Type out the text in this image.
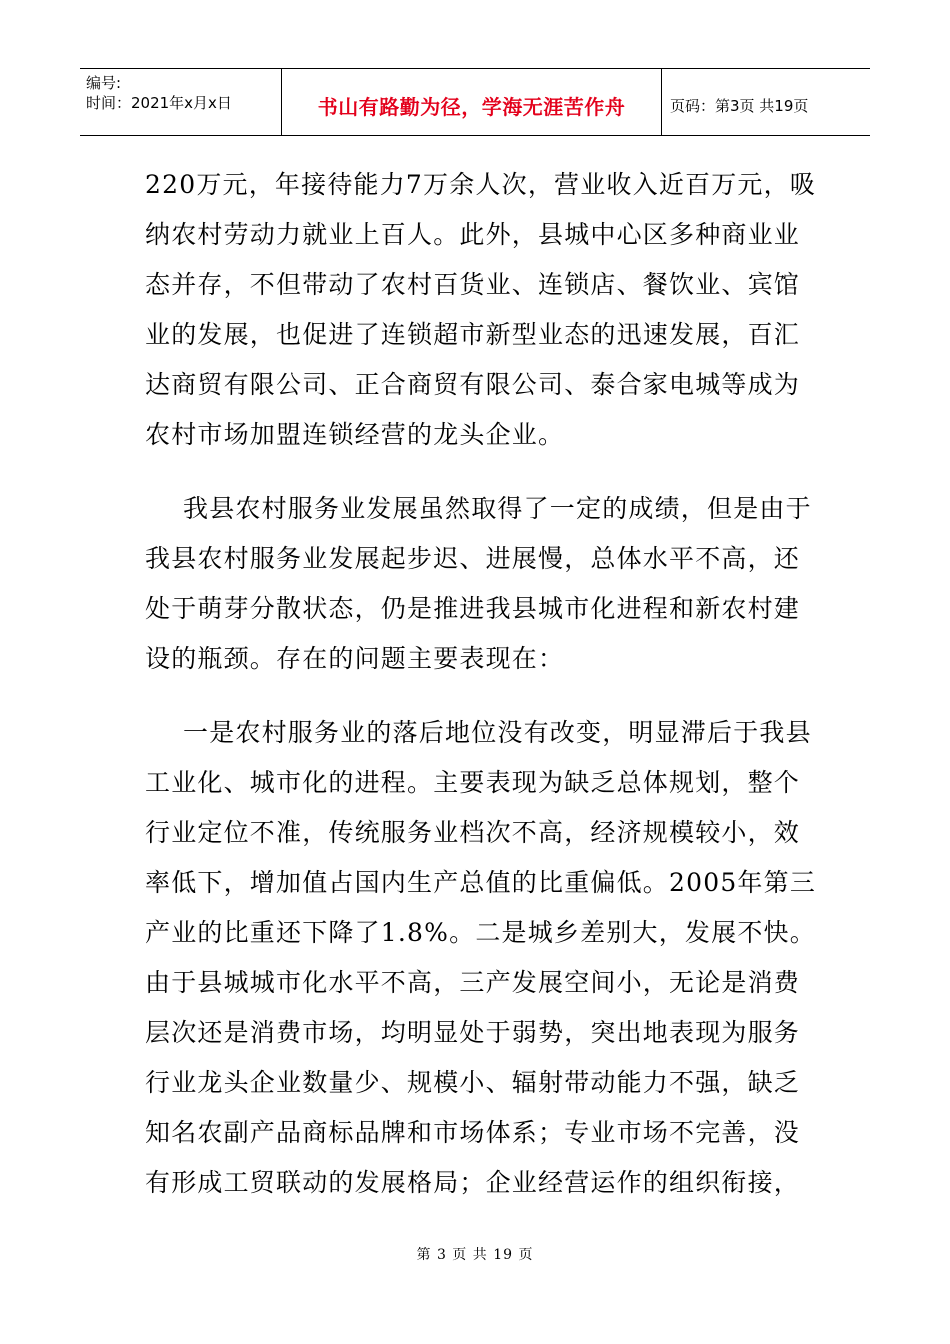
编号:
时间：2021年x月x日	书山有路勤为径，学海无涯苦作舟	页码：第3页 共19页

220万元，年接待能力7万余人次，营业收入近百万元，吸
纳农村劳动力就业上百人。此外，县城中心区多种商业业
态并存，不但带动了农村百货业、连锁店、餐饮业、宾馆
业的发展，也促进了连锁超市新型业态的迅速发展，百汇
达商贸有限公司、正合商贸有限公司、泰合家电城等成为
农村市场加盟连锁经营的龙头企业。

我县农村服务业发展虽然取得了一定的成绩，但是由于
我县农村服务业发展起步迟、进展慢，总体水平不高，还
处于萌芽分散状态，仍是推进我县城市化进程和新农村建
设的瓶颈。存在的问题主要表现在：

一是农村服务业的落后地位没有改变，明显滞后于我县
工业化、城市化的进程。主要表现为缺乏总体规划，整个
行业定位不准，传统服务业档次不高，经济规模较小，效
率低下，增加值占国内生产总值的比重偏低。2005年第三
产业的比重还下降了1.8%。二是城乡差别大，发展不快。
由于县城城市化水平不高，三产发展空间小，无论是消费
层次还是消费市场，均明显处于弱势，突出地表现为服务
行业龙头企业数量少、规模小、辐射带动能力不强，缺乏
知名农副产品商标品牌和市场体系；专业市场不完善，没
有形成工贸联动的发展格局；企业经营运作的组织衔接，

第 3 页 共 19 页
